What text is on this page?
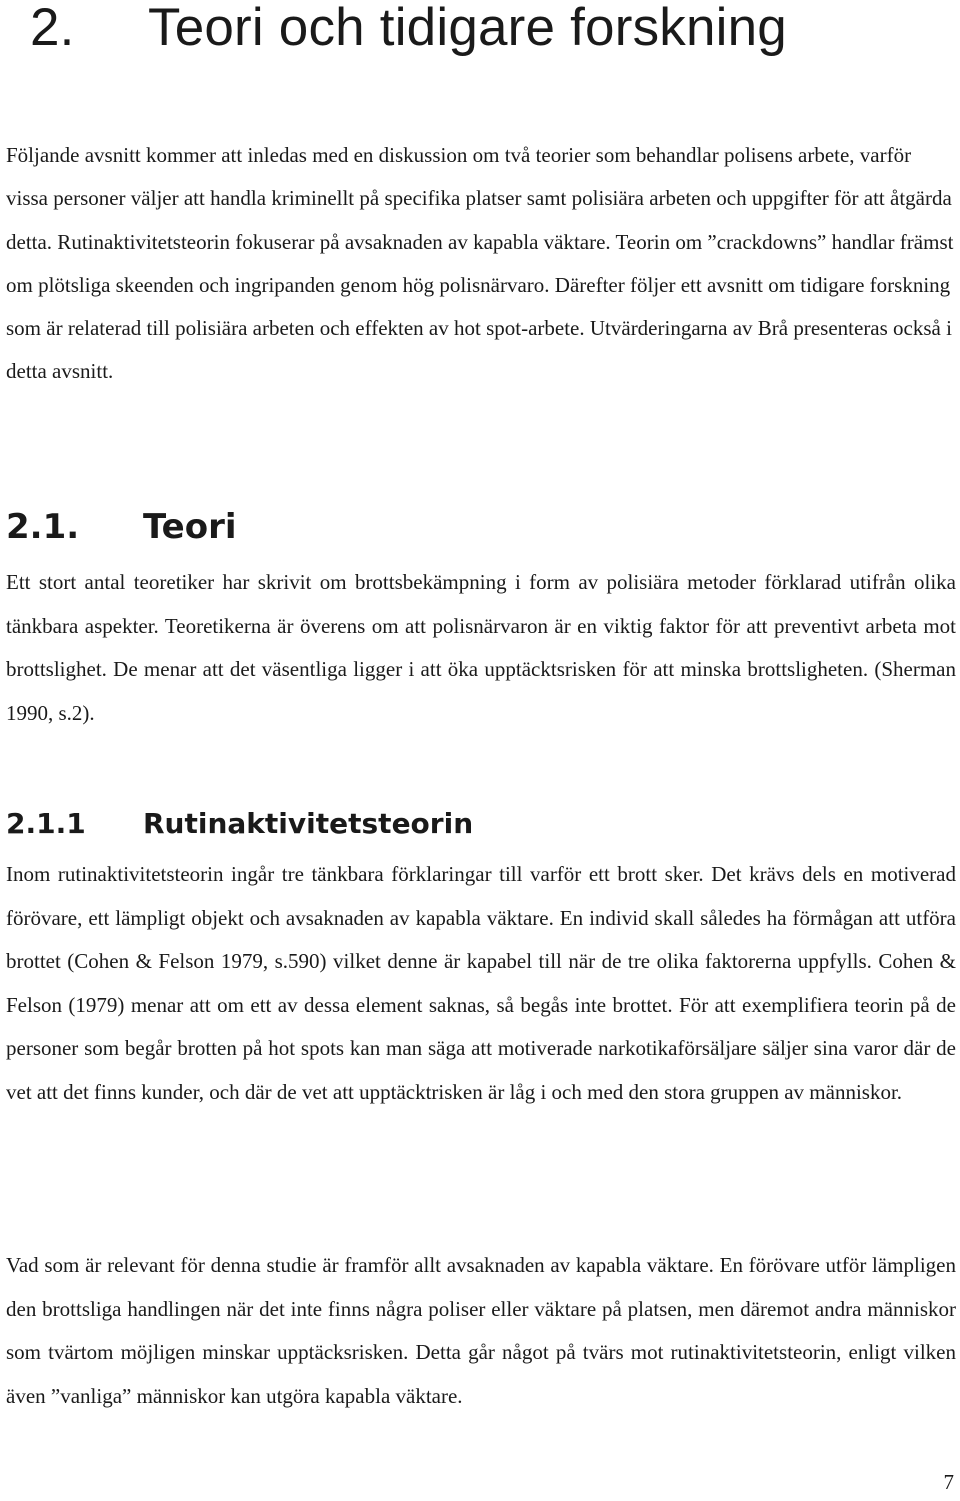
2. Teori och tidigare forskning

Följande avsnitt kommer att inledas med en diskussion om två teorier som behandlar polisens arbete, varför vissa personer väljer att handla kriminellt på specifika platser samt polisiära arbeten och uppgifter för att åtgärda detta. Rutinaktivitetsteorin fokuserar på avsaknaden av kapabla väktare. Teorin om ”crackdowns” handlar främst om plötsliga skeenden och ingripanden genom hög polisnärvaro. Därefter följer ett avsnitt om tidigare forskning som är relaterad till polisiära arbeten och effekten av hot spot-arbete. Utvärderingarna av Brå presenteras också i detta avsnitt.

2.1. Teori

Ett stort antal teoretiker har skrivit om brottsbekämpning i form av polisiära metoder förklarad utifrån olika tänkbara aspekter. Teoretikerna är överens om att polisnärvaron är en viktig faktor för att preventivt arbeta mot brottslighet. De menar att det väsentliga ligger i att öka upptäcktsrisken för att minska brottsligheten. (Sherman 1990, s.2).

2.1.1 Rutinaktivitetsteorin

Inom rutinaktivitetsteorin ingår tre tänkbara förklaringar till varför ett brott sker. Det krävs dels en motiverad förövare, ett lämpligt objekt och avsaknaden av kapabla väktare. En individ skall således ha förmågan att utföra brottet (Cohen & Felson 1979, s.590) vilket denne är kapabel till när de tre olika faktorerna uppfylls. Cohen & Felson (1979) menar att om ett av dessa element saknas, så begås inte brottet. För att exemplifiera teorin på de personer som begår brotten på hot spots kan man säga att motiverade narkotikaförsäljare säljer sina varor där de vet att det finns kunder, och där de vet att upptäcktrisken är låg i och med den stora gruppen av människor.

Vad som är relevant för denna studie är framför allt avsaknaden av kapabla väktare. En förövare utför lämpligen den brottsliga handlingen när det inte finns några poliser eller väktare på platsen, men däremot andra människor som tvärtom möjligen minskar upptäcksrisken. Detta går något på tvärs mot rutinaktivitetsteorin, enligt vilken även ”vanliga” människor kan utgöra kapabla väktare.

7
